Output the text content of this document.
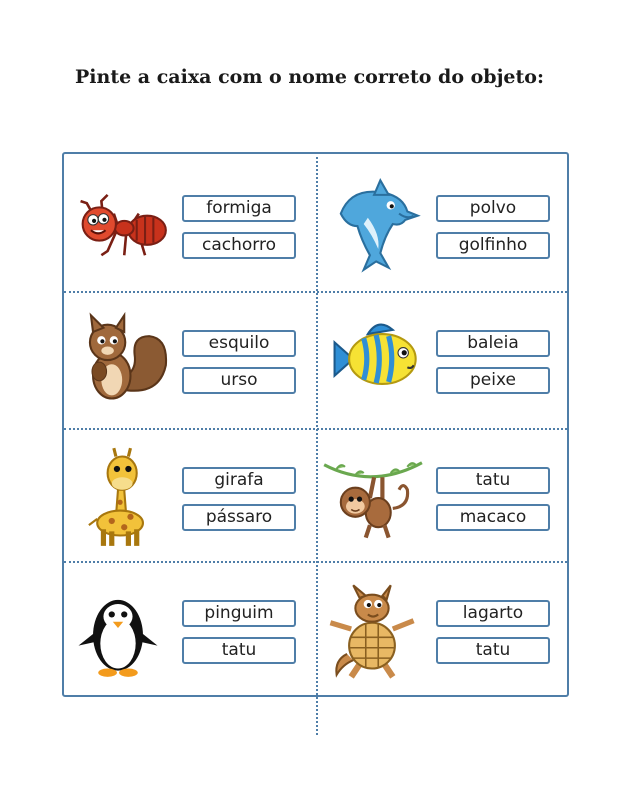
Pinte a caixa com o nome correto do objeto:
formiga
cachorro
polvo
golfinho
esquilo
urso
baleia
peixe
girafa
pássaro
tatu
macaco
pinguim
tatu
lagarto
tatu
